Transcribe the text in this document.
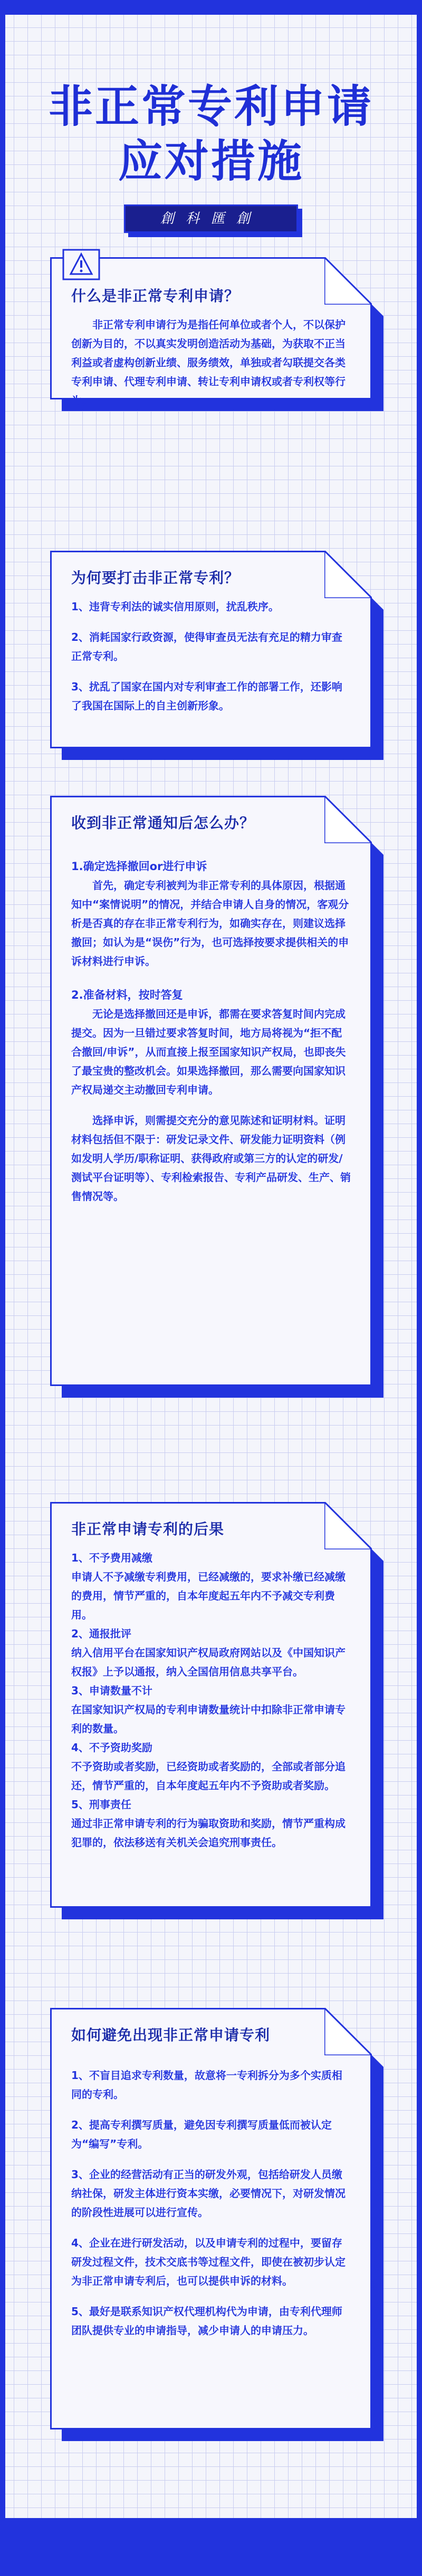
非正常专利申请
应对措施
創科匯創
什么是非正常专利申请？

非正常专利申请行为是指任何单位或者个人，不以保护创新为目的，不以真实发明创造活动为基础，为获取不正当利益或者虚构创新业绩、服务绩效，单独或者勾联提交各类专利申请、代理专利申请、转让专利申请权或者专利权等行为。

为何要打击非正常专利？

1、违背专利法的诚实信用原则，扰乱秩序。

2、消耗国家行政资源，使得审查员无法有充足的精力审查正常专利。

3、扰乱了国家在国内对专利审查工作的部署工作，还影响了我国在国际上的自主创新形象。

收到非正常通知后怎么办？

1.确定选择撤回or进行申诉

首先，确定专利被判为非正常专利的具体原因，根据通知中“案情说明”的情况，并结合申请人自身的情况，客观分析是否真的存在非正常专利行为，如确实存在，则建议选择撤回；如认为是“误伤”行为，也可选择按要求提供相关的申诉材料进行申诉。

2.准备材料，按时答复

无论是选择撤回还是申诉，都需在要求答复时间内完成提交。因为一旦错过要求答复时间，地方局将视为“拒不配合撤回/申诉”，从而直接上报至国家知识产权局，也即丧失了最宝贵的整改机会。如果选择撤回，那么需要向国家知识产权局递交主动撤回专利申请。

选择申诉，则需提交充分的意见陈述和证明材料。证明材料包括但不限于：研发记录文件、研发能力证明资料（例如发明人学历/职称证明、获得政府或第三方的认定的研发/测试平台证明等）、专利检索报告、专利产品研发、生产、销售情况等。

非正常申请专利的后果

1、不予费用减缴

申请人不予减缴专利费用，已经减缴的，要求补缴已经减缴的费用，情节严重的，自本年度起五年内不予减交专利费用。

2、通报批评

纳入信用平台在国家知识产权局政府网站以及《中国知识产权报》上予以通报，纳入全国信用信息共享平台。

3、申请数量不计

在国家知识产权局的专利申请数量统计中扣除非正常申请专利的数量。

4、不予资助奖励

不予资助或者奖励，已经资助或者奖励的，全部或者部分追还，情节严重的，自本年度起五年内不予资助或者奖励。

5、刑事责任

通过非正常申请专利的行为骗取资助和奖励，情节严重构成犯罪的，依法移送有关机关会追究刑事责任。

如何避免出现非正常申请专利

1、不盲目追求专利数量，故意将一专利拆分为多个实质相同的专利。

2、提高专利撰写质量，避免因专利撰写质量低而被认定为“编写”专利。

3、企业的经营活动有正当的研发外观，包括给研发人员缴纳社保，研发主体进行资本实缴，必要情况下，对研发情况的阶段性进展可以进行宣传。

4、企业在进行研发活动，以及申请专利的过程中，要留存研发过程文件，技术交底书等过程文件，即使在被初步认定为非正常申请专利后，也可以提供申诉的材料。

5、最好是联系知识产权代理机构代为申请，由专利代理师团队提供专业的申请指导，减少申请人的申请压力。
